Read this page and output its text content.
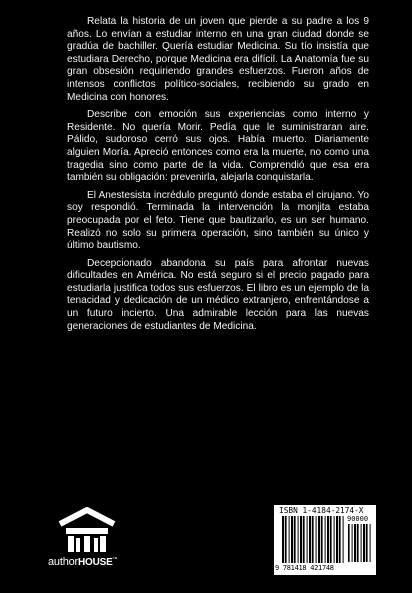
Relata la historia de un joven que pierde a su padre a los 9 años. Lo envían a estudiar interno en una gran ciudad donde se gradúa de bachiller. Quería estudiar Medicina. Su tío insistía que estudiara Derecho, porque Medicina era difícil. La Anatomía fue su gran obsesión requiriendo grandes esfuerzos. Fueron años de intensos conflictos político-sociales, recibiendo su grado en Medicina con honores.

Describe con emoción sus experiencias como interno y Residente. No quería Morir. Pedía que le suministraran aire. Pálido, sudoroso cerró sus ojos. Había muerto. Diariamente alguien Moría. Apreció entonces como era la muerte, no como una tragedia sino como parte de la vida. Comprendió que esa era también su obligación: prevenirla, alejarla conquistarla.

El Anestesista incrédulo preguntó donde estaba el cirujano. Yo soy respondió. Terminada la intervención la monjita estaba preocupada por el feto. Tiene que bautizarlo, es un ser humano. Realizó no solo su primera operación, sino también su único y último bautismo.

Decepcionado abandona su país para afrontar nuevas dificultades en América. No está seguro si el precio pagado para estudiarla justifica todos sus esfuerzos. El libro es un ejemplo de la tenacidad y dedicación de un médico extranjero, enfrentándose a un futuro incierto. Una admirable lección para las nuevas generaciones de estudiantes de Medicina.

authorHOUSE™
ISBN 1-4184-2174-X
90000
9 781418 421748
